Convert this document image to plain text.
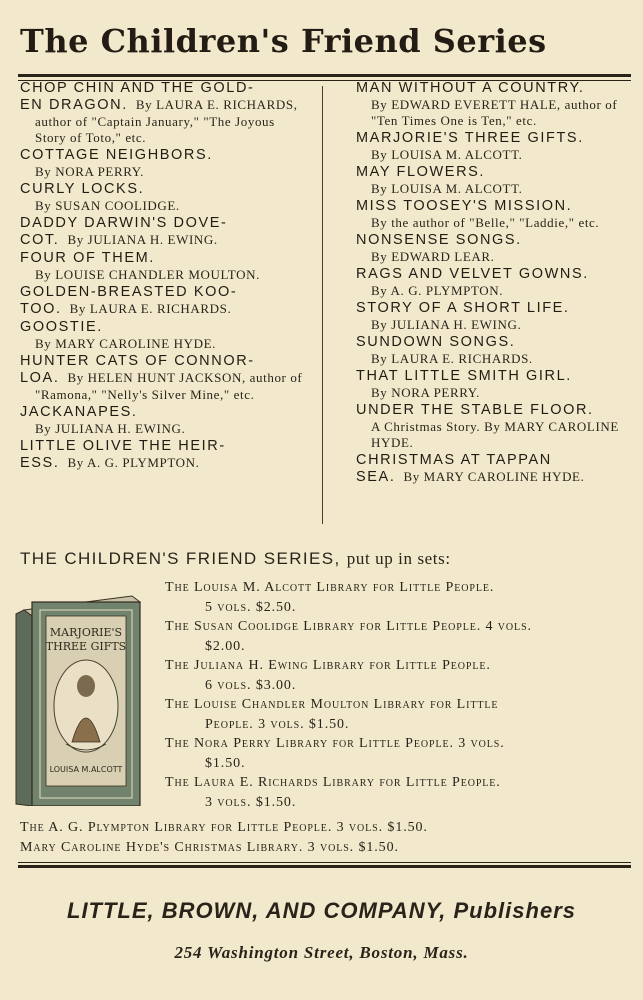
The Children's Friend Series
CHOP CHIN AND THE GOLD-
EN DRAGON. By LAURA E. RICHARDS, author of "Captain January," "The Joyous Story of Toto," etc.
COTTAGE NEIGHBORS.
By NORA PERRY.
CURLY LOCKS.
By SUSAN COOLIDGE.
DADDY DARWIN'S DOVE-
COT. By JULIANA H. EWING.
FOUR OF THEM.
By LOUISE CHANDLER MOULTON.
GOLDEN-BREASTED KOO-
TOO. By LAURA E. RICHARDS.
GOOSTIE.
By MARY CAROLINE HYDE.
HUNTER CATS OF CONNOR-
LOA. By HELEN HUNT JACKSON, author of "Ramona," "Nelly's Silver Mine," etc.
JACKANAPES.
By JULIANA H. EWING.
LITTLE OLIVE THE HEIR-
ESS. By A. G. PLYMPTON.
MAN WITHOUT A COUNTRY.
By EDWARD EVERETT HALE, author of "Ten Times One is Ten," etc.
MARJORIE'S THREE GIFTS.
By LOUISA M. ALCOTT.
MAY FLOWERS.
By LOUISA M. ALCOTT.
MISS TOOSEY'S MISSION.
By the author of "Belle," "Laddie," etc.
NONSENSE SONGS.
By EDWARD LEAR.
RAGS AND VELVET GOWNS.
By A. G. PLYMPTON.
STORY OF A SHORT LIFE.
By JULIANA H. EWING.
SUNDOWN SONGS.
By LAURA E. RICHARDS.
THAT LITTLE SMITH GIRL.
By NORA PERRY.
UNDER THE STABLE FLOOR.
A Christmas Story. By MARY CAROLINE HYDE.
CHRISTMAS AT TAPPAN
SEA. By MARY CAROLINE HYDE.
THE CHILDREN'S FRIEND SERIES, put up in sets:
MARJORIE'S
THREE GIFTS
LOUISA M.ALCOTT
The Louisa M. Alcott Library for Little People.
5 vols. $2.50.
The Susan Coolidge Library for Little People. 4 vols.
$2.00.
The Juliana H. Ewing Library for Little People.
6 vols. $3.00.
The Louise Chandler Moulton Library for Little
People. 3 vols. $1.50.
The Nora Perry Library for Little People. 3 vols.
$1.50.
The Laura E. Richards Library for Little People.
3 vols. $1.50.
The A. G. Plympton Library for Little People. 3 vols. $1.50.
Mary Caroline Hyde's Christmas Library. 3 vols. $1.50.
LITTLE, BROWN, AND COMPANY, Publishers
254 Washington Street, Boston, Mass.
